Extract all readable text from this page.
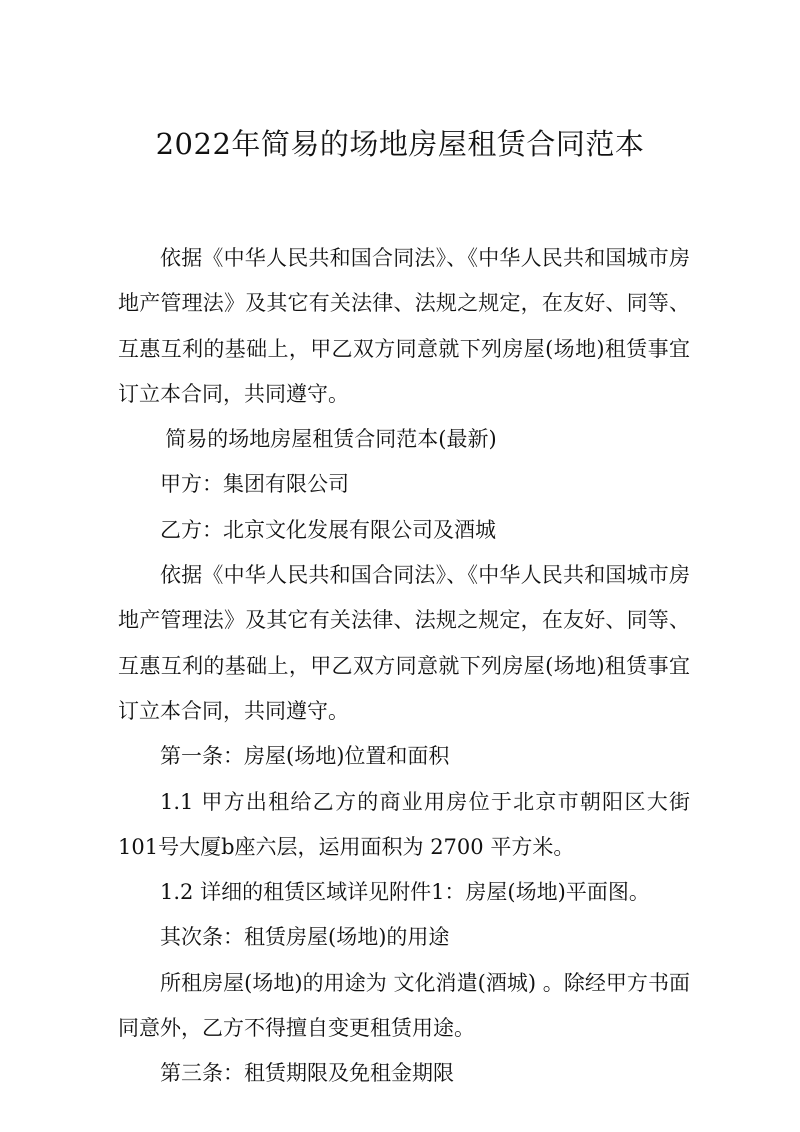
2022年简易的场地房屋租赁合同范本

依据《中华人民共和国合同法》、《中华人民共和国城市房地产管理法》及其它有关法律、法规之规定，在友好、同等、互惠互利的基础上，甲乙双方同意就下列房屋(场地)租赁事宜订立本合同，共同遵守。

简易的场地房屋租赁合同范本(最新)

甲方：集团有限公司

乙方：北京文化发展有限公司及酒城

依据《中华人民共和国合同法》、《中华人民共和国城市房地产管理法》及其它有关法律、法规之规定，在友好、同等、互惠互利的基础上，甲乙双方同意就下列房屋(场地)租赁事宜订立本合同，共同遵守。

第一条：房屋(场地)位置和面积

1.1 甲方出租给乙方的商业用房位于北京市朝阳区大街101号大厦b座六层，运用面积为 2700 平方米。

1.2 详细的租赁区域详见附件1：房屋(场地)平面图。

其次条：租赁房屋(场地)的用途

所租房屋(场地)的用途为 文化消遣(酒城) 。除经甲方书面同意外，乙方不得擅自变更租赁用途。

第三条：租赁期限及免租金期限
